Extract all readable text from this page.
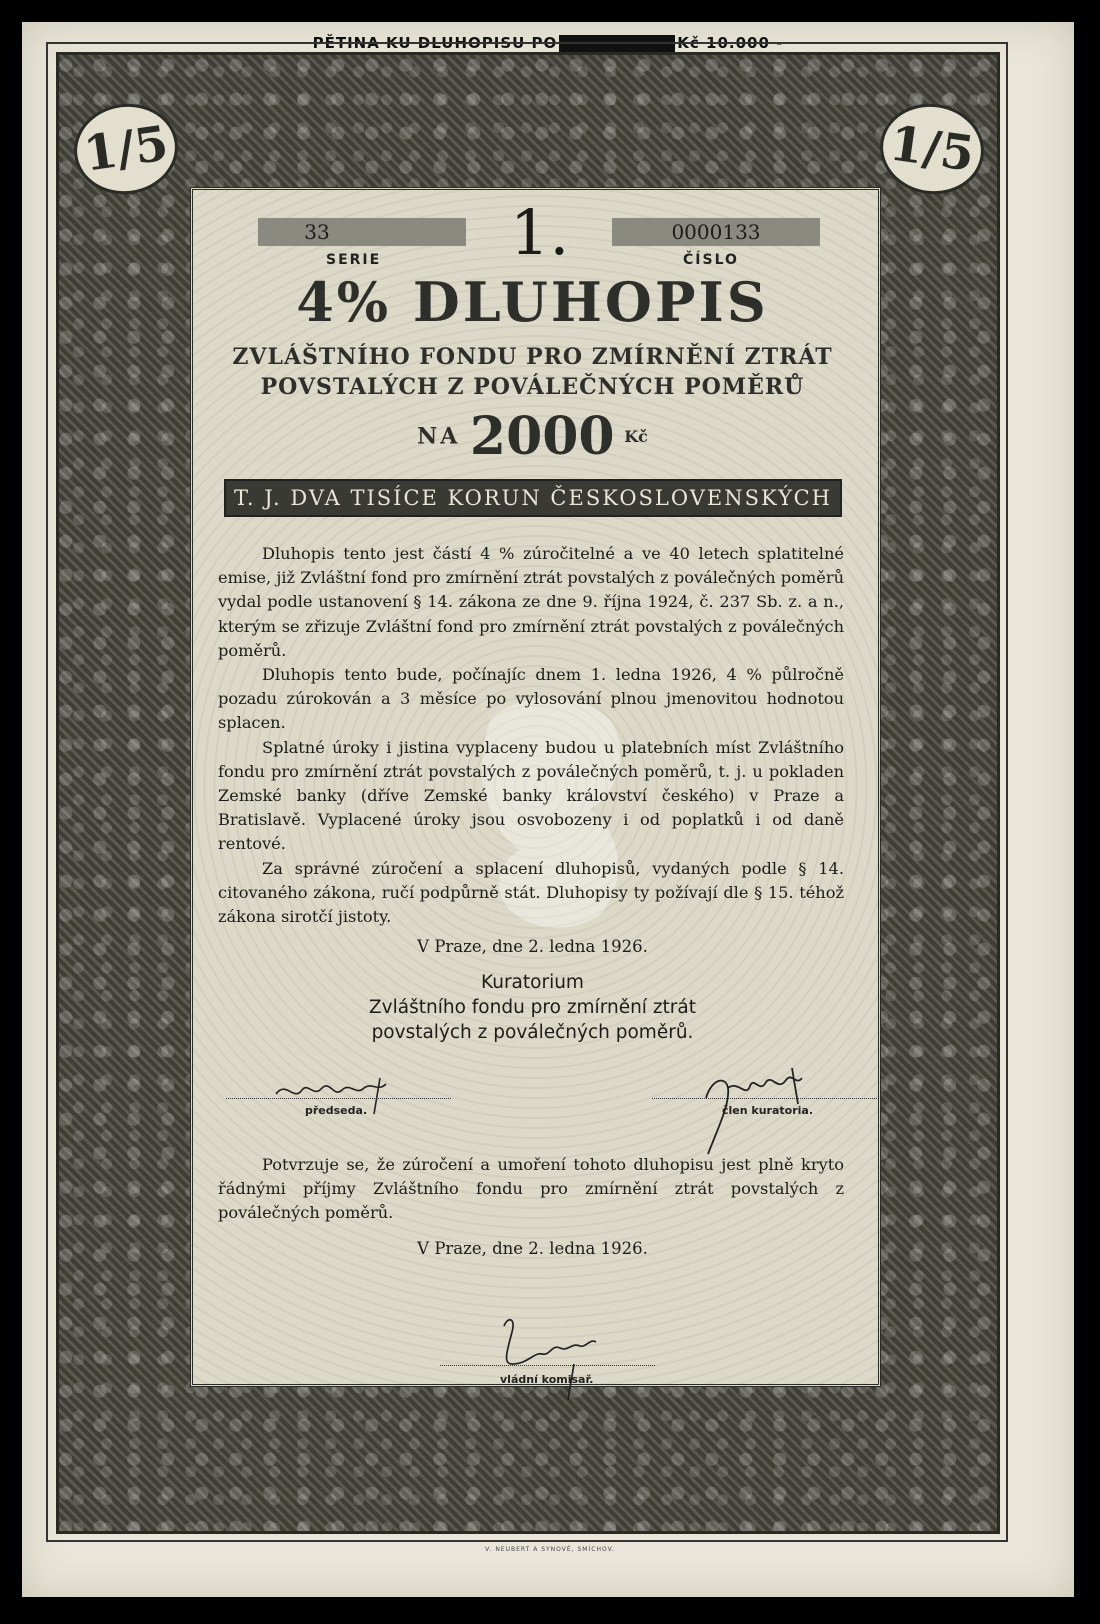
PĚTINA KU DLUHOPISU PO	Kč 10.000 -
1/5	1/5
33
SERIE 1.	0000133
ČÍSLO
4% DLUHOPIS
ZVLÁŠTNÍHO FONDU PRO ZMÍRNĚNÍ ZTRÁT
POVSTALÝCH Z POVÁLEČNÝCH POMĚRŮ
NA 2000 Kč
T. J. DVA TISÍCE KORUN ČESKOSLOVENSKÝCH

Dluhopis tento jest částí 4 % zúročitelné a ve 40 letech splatitelné emise, již Zvláštní fond pro zmírnění ztrát povstalých z poválečných poměrů vydal podle ustanovení § 14. zákona ze dne 9. října 1924, č. 237 Sb. z. a n., kterým se zřizuje Zvláštní fond pro zmírnění ztrát povstalých z poválečných poměrů.

Dluhopis tento bude, počínajíc dnem 1. ledna 1926, 4 % půlročně pozadu zúrokován a 3 měsíce po vylosování plnou jmenovitou hodnotou splacen.

Splatné úroky i jistina vyplaceny budou u platebních míst Zvláštního fondu pro zmírnění ztrát povstalých z poválečných poměrů, t. j. u pokladen Zemské banky (dříve Zemské banky království českého) v Praze a Bratislavě. Vyplacené úroky jsou osvobozeny i od poplatků i od daně rentové.

Za správné zúročení a splacení dluhopisů, vydaných podle § 14. citovaného zákona, ručí podpůrně stát. Dluhopisy ty požívají dle § 15. téhož zákona sirotčí jistoty.

V Praze, dne 2. ledna 1926.
Kuratorium
Zvláštního fondu pro zmírnění ztrát
povstalých z poválečných poměrů.
předseda.	člen kuratoria.

Potvrzuje se, že zúročení a umoření tohoto dluhopisu jest plně kryto řádnými příjmy Zvláštního fondu pro zmírnění ztrát povstalých z poválečných poměrů.

V Praze, dne 2. ledna 1926.
vládní komisař.
V. NEUBERT A SYNOVÉ, SMÍCHOV.
